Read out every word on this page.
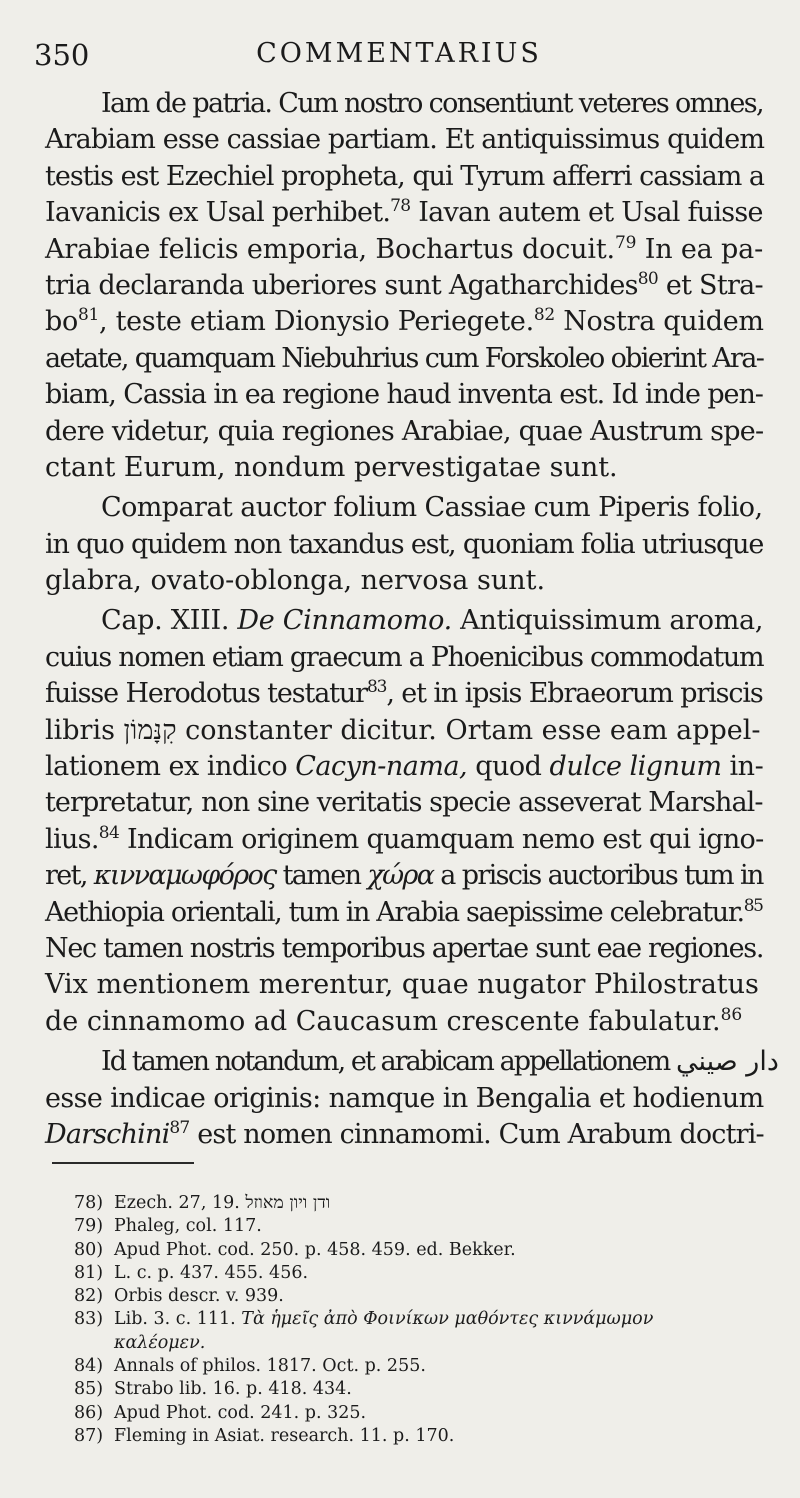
350	COMMENTARIUS
Iam de patria. Cum nostro consentiunt veteres omnes,
Arabiam esse cassiae partiam. Et antiquissimus quidem
testis est Ezechiel propheta, qui Tyrum afferri cassiam a
Iavanicis ex Usal perhibet.$^{78}$ Iavan autem et Usal fuisse
Arabiae felicis emporia, Bochartus docuit.$^{79}$ In ea pa-
tria declaranda uberiores sunt Agatharchides$^{80}$ et Stra-
$bo^{81}$, teste etiam Dionysio Periegete.$^{82}$ Nostra quidem
aetate, quamquam Niebuhrius cum Forskoleo obierint Ara-
biam, Cassia in ea regione haud inventa est. Id inde pen-
dere videtur, quia regiones Arabiae, quae Austrum spe-
ctant Eurum, nondum pervestigatae sunt.
Comparat auctor folium Cassiae cum Piperis folio,
in quo quidem non taxandus est, quoniam folia utriusque
glabra, ovato-oblonga, nervosa sunt.
Cap. XIII. De Cinnamomo. Antiquissimum aroma,
cuius nomen etiam graecum a Phoenicibus commodatum
fuisse Herodotus testatur$^{83}$, et in ipsis Ebraeorum priscis
libris קִנָּמוֹן constanter dicitur. Ortam esse eam appel-
lationem ex indico Cacyn-nama, quod dulce lignum in-
terpretatur, non sine veritatis specie asseverat Marshal-
lius.$^{84}$ Indicam originem quamquam nemo est qui igno-
ret, κινναμωφόρος tamen χώρα a priscis auctoribus tum in
Aethiopia orientali, tum in Arabia saepissime celebratur.$^{85}$
Nec tamen nostris temporibus apertae sunt eae regiones.
Vix mentionem merentur, quae nugator Philostratus
de cinnamomo ad Caucasum crescente fabulatur.$^{86}$
Id tamen notandum, et arabicam appellationem دار صيني
esse indicae originis: namque in Bengalia et hodienum
Darschini$^{87}$ est nomen cinnamomi. Cum Arabum doctri-
78) Ezech. 27, 19. ודן ויון מאוזל
79) Phaleg, col. 117.
80) Apud Phot. cod. 250. p. 458. 459. ed. Bekker.
81) L. c. p. 437. 455. 456.
82) Orbis descr. v. 939.
83) Lib. 3. c. 111. Τὰ ἡμεῖς ἀπὸ Φοινίκων μαθόντες κιννάμωμον
καλέομεν.
84) Annals of philos. 1817. Oct. p. 255.
85) Strabo lib. 16. p. 418. 434.
86) Apud Phot. cod. 241. p. 325.
87) Fleming in Asiat. research. 11. p. 170.
